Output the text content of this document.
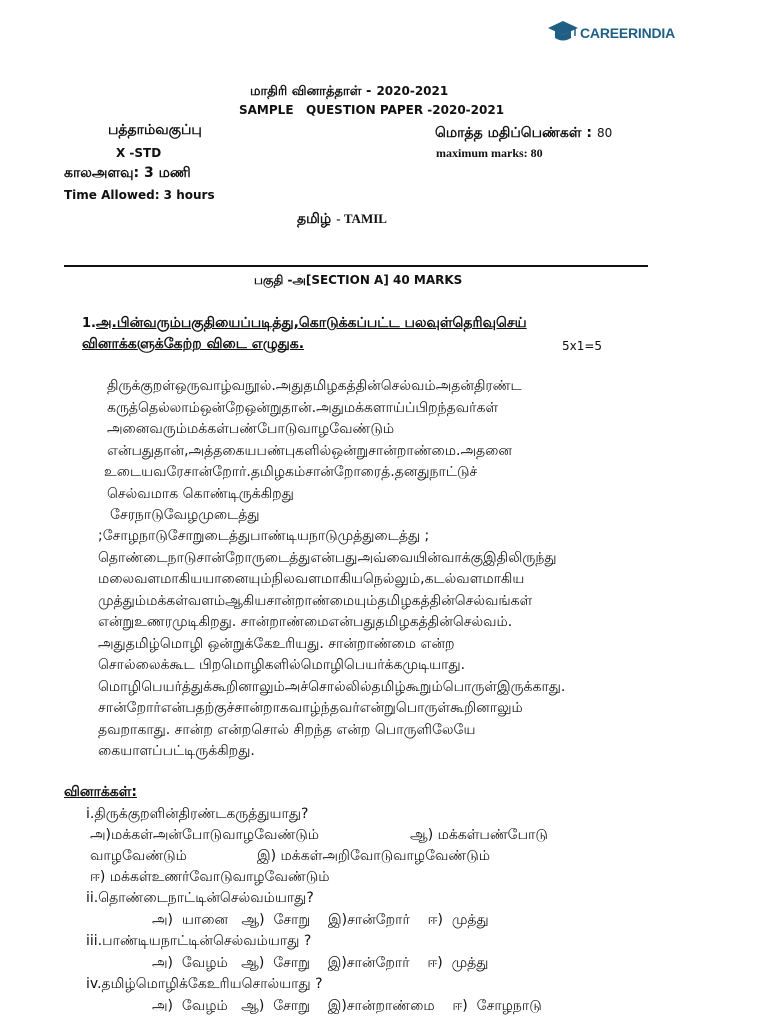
CAREERINDIA
மாதிரி வினாத்தாள் - 2020-2021
SAMPLE   QUESTION PAPER -2020-2021
பத்தாம்வகுப்பு	மொத்த மதிப்பெண்கள் : 80
X -STD	maximum marks: 80
காலஅளவு: 3 மணி
Time Allowed: 3 hours
தமிழ் - TAMIL
பகுதி -அ[SECTION A] 40 MARKS
1.அ.பின்வரும்பகுதியைப்படித்து,கொடுக்கப்பட்ட பலவுள்தெரிவுசெய்
வினாக்களுக்கேற்ற விடை எழுதுக.	5x1=5
திருக்குறள்ஒருவாழ்வநூல்.அதுதமிழகத்தின்செல்வம்அதன்திரண்ட
கருத்தெல்லாம்ஒன்றேஒன்றுதான்.அதுமக்களாய்ப்பிறந்தவர்கள்
அனைவரும்மக்கள்பண்போடுவாழவேண்டும்
என்பதுதான்,அத்தகையபண்புகளில்ஒன்றுசான்றாண்மை.அதனை
உடையவரேசான்றோர்.தமிழகம்சான்றோரைத்.தனதுநாட்டுச்
செல்வமாக கொண்டிருக்கிறது
சேரநாடுவேழமுடைத்து
;சோழநாடுசோறுடைத்துபாண்டியநாடுமுத்துடைத்து ;
தொண்டைநாடுசான்றோருடைத்துஎன்பதுஅவ்வையின்வாக்குஇதிலிருந்து
மலைவளமாகியயானையும்நிலவளமாகியநெல்லும்,கடல்வளமாகிய
முத்தும்மக்கள்வளம்ஆகியசான்றாண்மையும்தமிழகத்தின்செல்வங்கள்
என்றுஉணரமுடிகிறது. சான்றாண்மைஎன்பதுதமிழகத்தின்செல்வம்.
அதுதமிழ்மொழி ஒன்றுக்கேஉரியது. சான்றாண்மை என்ற
சொல்லைக்கூட பிறமொழிகளில்மொழிபெயர்க்கமுடியாது.
மொழிபெயர்த்துக்கூறினாலும்அச்சொல்லில்தமிழ்கூறும்பொருள்இருக்காது.
சான்றோர்என்பதற்குச்சான்றாகவாழ்ந்தவர்என்றுபொருள்கூறினாலும்
தவறாகாது. சான்ற என்றசொல் சிறந்த என்ற பொருளிலேயே
கையாளப்பட்டிருக்கிறது.
வினாக்கள்:
i.திருக்குறளின்திரண்டகருத்துயாது?
அ)மக்கள்அன்போடுவாழவேண்டும்	ஆ) மக்கள்பண்போடு
வாழவேண்டும்	இ) மக்கள்அறிவோடுவாழவேண்டும்
ஈ) மக்கள்உணர்வோடுவாழவேண்டும்
ii.தொண்டைநாட்டின்செல்வம்யாது?
அ)  யானை   ஆ)  சோறு    இ)சான்றோர்    ஈ)  முத்து
iii.பாண்டியநாட்டின்செல்வம்யாது ?
அ)  வேழம்   ஆ)  சோறு    இ)சான்றோர்    ஈ)  முத்து
iv.தமிழ்மொழிக்கேஉரியசொல்யாது ?
அ)  வேழம்   ஆ)  சோறு    இ)சான்றாண்மை    ஈ)  சோழநாடு
